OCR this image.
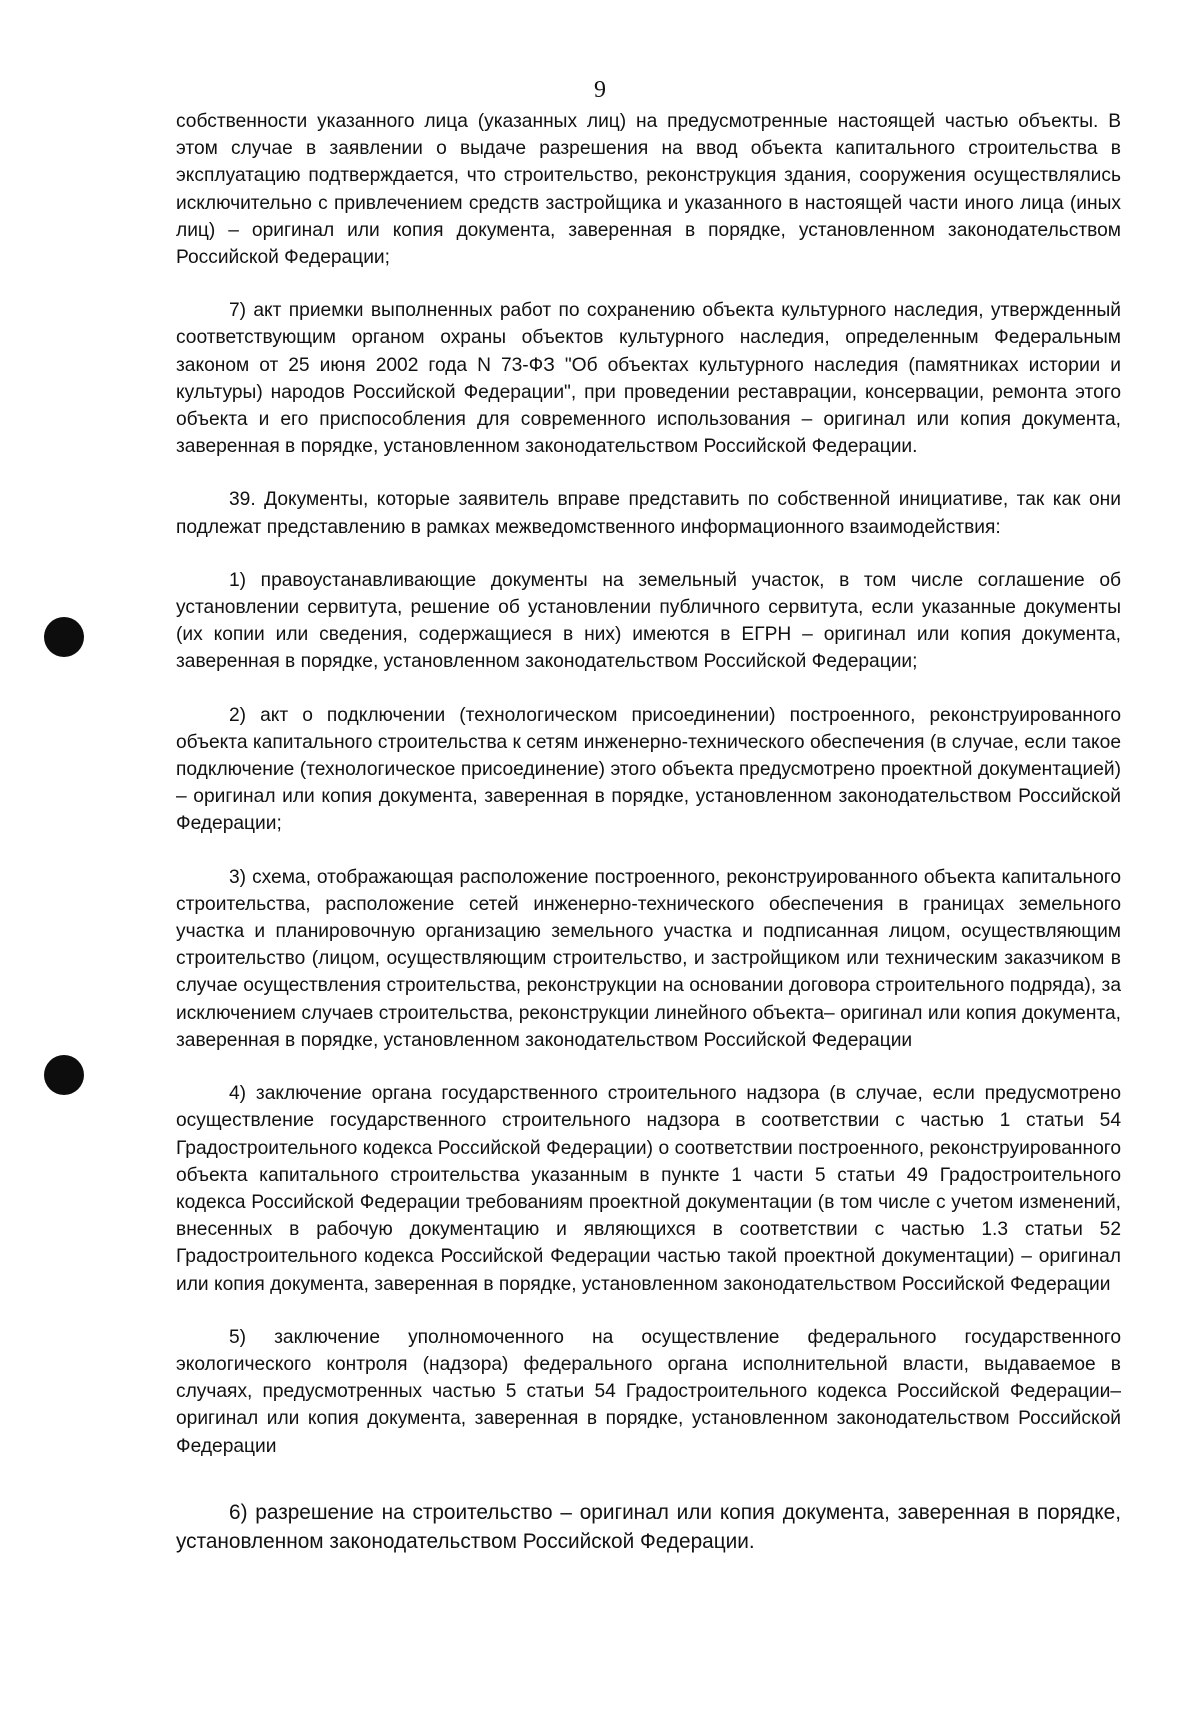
9

собственности указанного лица (указанных лиц) на предусмотренные настоящей частью объекты. В этом случае в заявлении о выдаче разрешения на ввод объекта капитального строительства в эксплуатацию подтверждается, что строительство, реконструкция здания, сооружения осуществлялись исключительно с привлечением средств застройщика и указанного в настоящей части иного лица (иных лиц) – оригинал или копия документа, заверенная в порядке, установленном законодательством Российской Федерации;

7) акт приемки выполненных работ по сохранению объекта культурного наследия, утвержденный соответствующим органом охраны объектов культурного наследия, определенным Федеральным законом от 25 июня 2002 года N 73-ФЗ "Об объектах культурного наследия (памятниках истории и культуры) народов Российской Федерации", при проведении реставрации, консервации, ремонта этого объекта и его приспособления для современного использования – оригинал или копия документа, заверенная в порядке, установленном законодательством Российской Федерации.

39. Документы, которые заявитель вправе представить по собственной инициативе, так как они подлежат представлению в рамках межведомственного информационного взаимодействия:

1) правоустанавливающие документы на земельный участок, в том числе соглашение об установлении сервитута, решение об установлении публичного сервитута, если указанные документы (их копии или сведения, содержащиеся в них) имеются в ЕГРН – оригинал или копия документа, заверенная в порядке, установленном законодательством Российской Федерации;

2) акт о подключении (технологическом присоединении) построенного, реконструированного объекта капитального строительства к сетям инженерно-технического обеспечения (в случае, если такое подключение (технологическое присоединение) этого объекта предусмотрено проектной документацией) – оригинал или копия документа, заверенная в порядке, установленном законодательством Российской Федерации;

3) схема, отображающая расположение построенного, реконструированного объекта капитального строительства, расположение сетей инженерно-технического обеспечения в границах земельного участка и планировочную организацию земельного участка и подписанная лицом, осуществляющим строительство (лицом, осуществляющим строительство, и застройщиком или техническим заказчиком в случае осуществления строительства, реконструкции на основании договора строительного подряда), за исключением случаев строительства, реконструкции линейного объекта– оригинал или копия документа, заверенная в порядке, установленном законодательством Российской Федерации

4) заключение органа государственного строительного надзора (в случае, если предусмотрено осуществление государственного строительного надзора в соответствии с частью 1 статьи 54 Градостроительного кодекса Российской Федерации) о соответствии построенного, реконструированного объекта капитального строительства указанным в пункте 1 части 5 статьи 49 Градостроительного кодекса Российской Федерации требованиям проектной документации (в том числе с учетом изменений, внесенных в рабочую документацию и являющихся в соответствии с частью 1.3 статьи 52 Градостроительного кодекса Российской Федерации частью такой проектной документации) – оригинал или копия документа, заверенная в порядке, установленном законодательством Российской Федерации

5) заключение уполномоченного на осуществление федерального государственного экологического контроля (надзора) федерального органа исполнительной власти, выдаваемое в случаях, предусмотренных частью 5 статьи 54 Градостроительного кодекса Российской Федерации– оригинал или копия документа, заверенная в порядке, установленном законодательством Российской Федерации

6) разрешение на строительство – оригинал или копия документа, заверенная в порядке, установленном законодательством Российской Федерации.
